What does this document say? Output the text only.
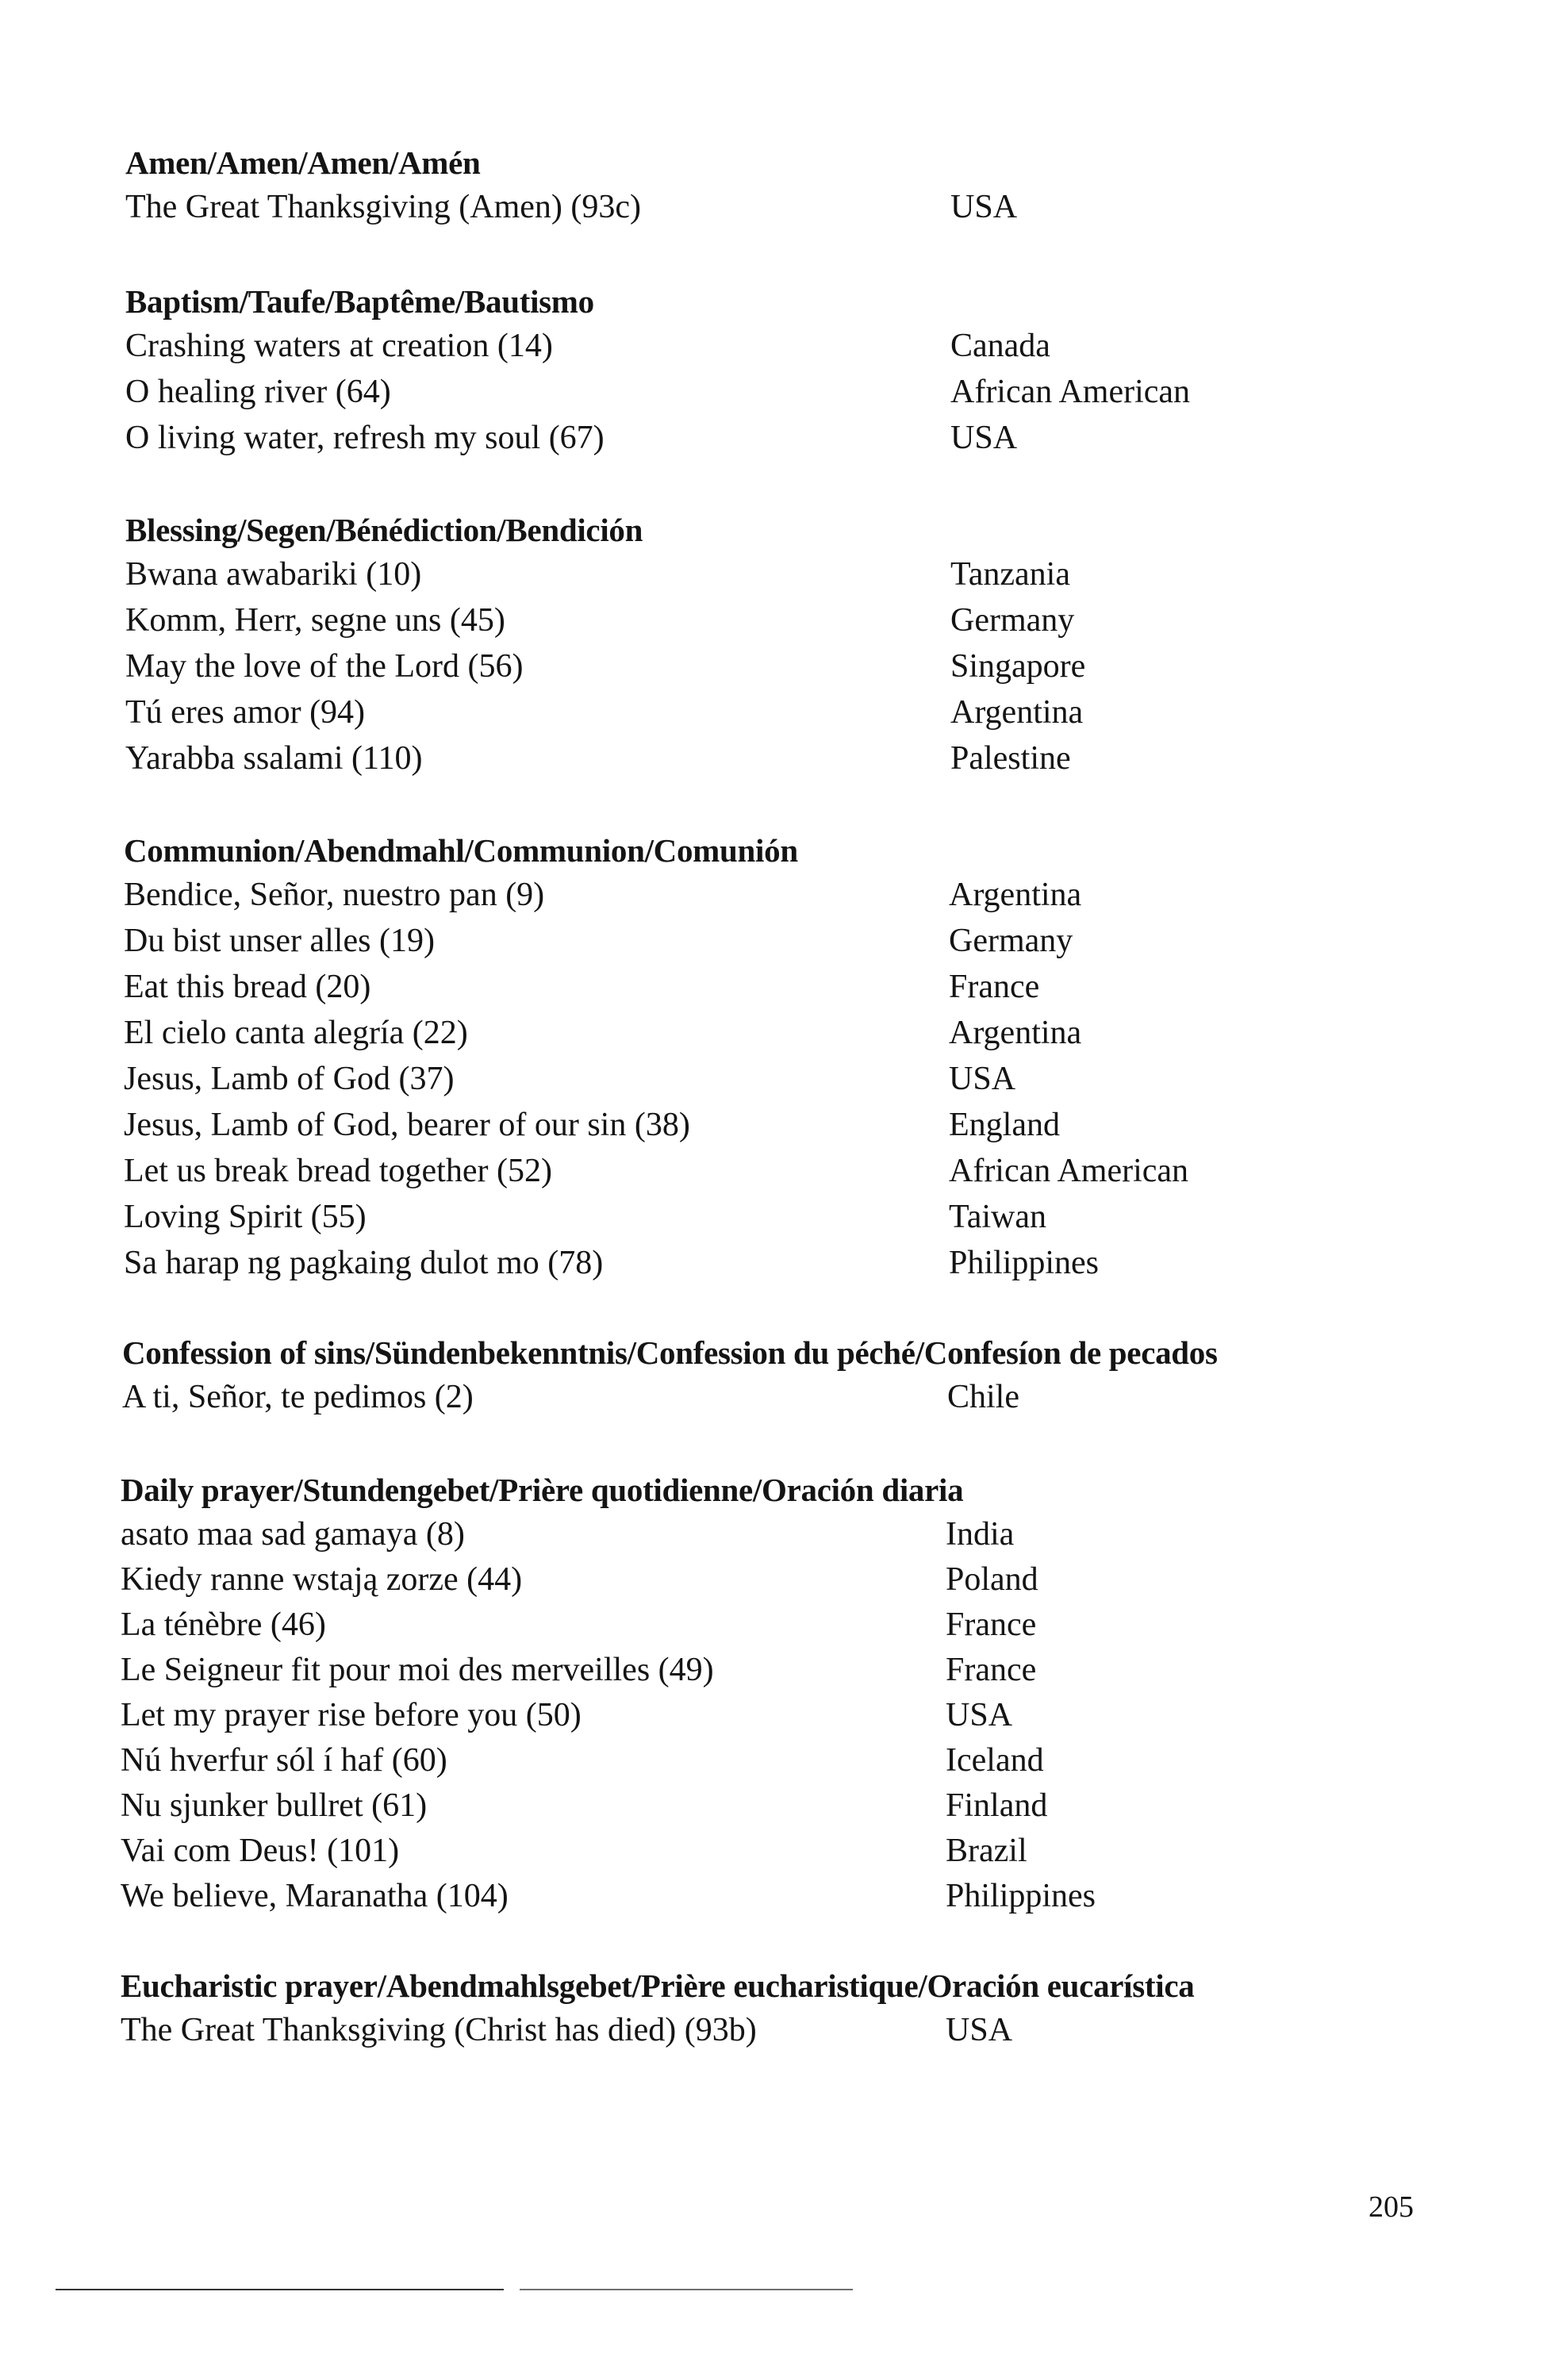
Amen/Amen/Amen/Amén
The Great Thanksgiving (Amen) (93c)	USA
Baptism/Taufe/Baptême/Bautismo
Crashing waters at creation (14)	Canada
O healing river (64)	African American
O living water, refresh my soul (67)	USA
Blessing/Segen/Bénédiction/Bendición
Bwana awabariki (10)	Tanzania
Komm, Herr, segne uns (45)	Germany
May the love of the Lord (56)	Singapore
Tú eres amor (94)	Argentina
Yarabba ssalami (110)	Palestine
Communion/Abendmahl/Communion/Comunión
Bendice, Señor, nuestro pan (9)	Argentina
Du bist unser alles (19)	Germany
Eat this bread (20)	France
El cielo canta alegría (22)	Argentina
Jesus, Lamb of God (37)	USA
Jesus, Lamb of God, bearer of our sin (38)	England
Let us break bread together (52)	African American
Loving Spirit (55)	Taiwan
Sa harap ng pagkaing dulot mo (78)	Philippines
Confession of sins/Sündenbekenntnis/Confession du péché/Confesíon de pecados
A ti, Señor, te pedimos (2)	Chile
Daily prayer/Stundengebet/Prière quotidienne/Oración diaria
asato maa sad gamaya (8)	India
Kiedy ranne wstają zorze (44)	Poland
La ténèbre (46)	France
Le Seigneur fit pour moi des merveilles (49)	France
Let my prayer rise before you (50)	USA
Nú hverfur sól í haf (60)	Iceland
Nu sjunker bullret (61)	Finland
Vai com Deus! (101)	Brazil
We believe, Maranatha (104)	Philippines
Eucharistic prayer/Abendmahlsgebet/Prière eucharistique/Oración eucarística
The Great Thanksgiving (Christ has died) (93b)	USA
205
